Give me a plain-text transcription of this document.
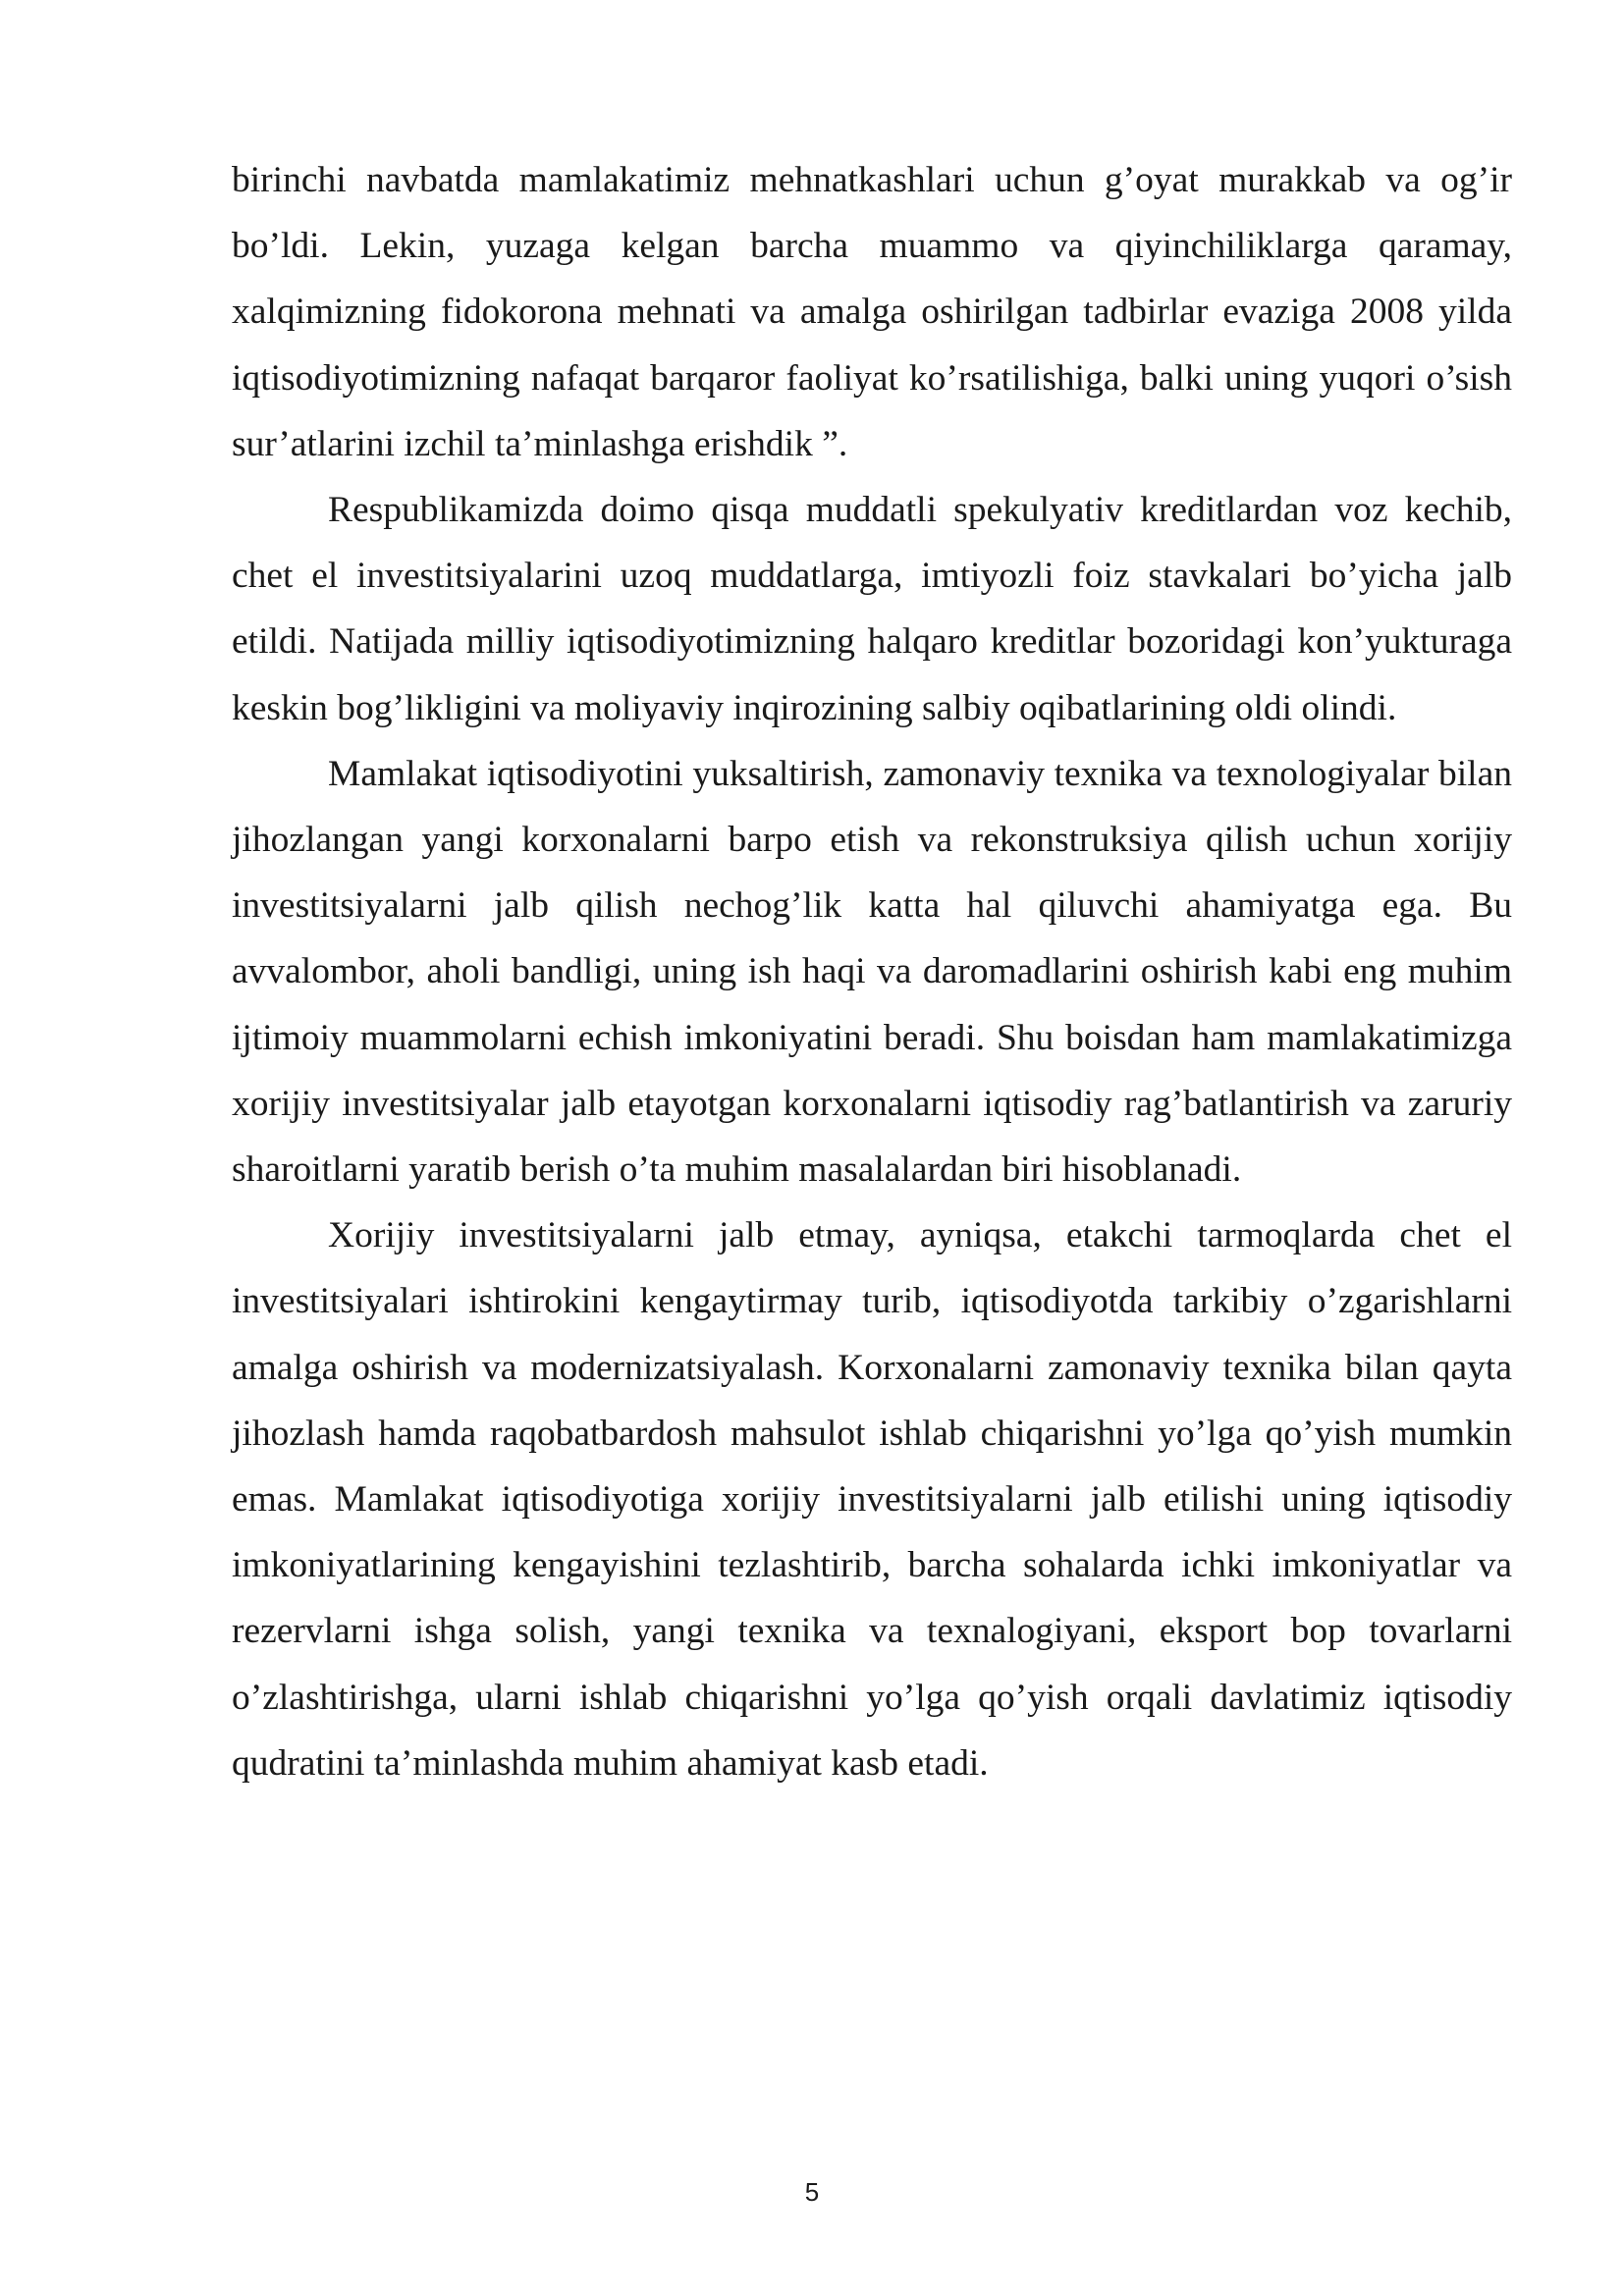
birinchi navbatda mamlakatimiz mehnatkashlari uchun g’oyat murakkab va og’ir bo’ldi. Lekin, yuzaga kelgan barcha muammo va qiyinchiliklarga qaramay, xalqimizning fidokorona mehnati va amalga oshirilgan tadbirlar evaziga 2008 yilda iqtisodiyotimizning nafaqat barqaror faoliyat ko’rsatilishiga, balki uning yuqori o’sish sur’atlarini izchil ta’minlashga erishdik ”.

Respublikamizda doimo qisqa muddatli spekulyativ kreditlardan voz kechib, chet el investitsiyalarini uzoq muddatlarga, imtiyozli foiz stavkalari bo’yicha jalb etildi. Natijada milliy iqtisodiyotimizning halqaro kreditlar bozoridagi kon’yukturaga keskin bog’likligini va moliyaviy inqirozining salbiy oqibatlarining oldi olindi.

Mamlakat iqtisodiyotini yuksaltirish, zamonaviy texnika va texnologiyalar bilan jihozlangan yangi korxonalarni barpo etish va rekonstruksiya qilish uchun xorijiy investitsiyalarni jalb qilish nechog’lik katta hal qiluvchi ahamiyatga ega. Bu avvalombor, aholi bandligi, uning ish haqi va daromadlarini oshirish kabi eng muhim ijtimoiy muammolarni echish imkoniyatini beradi. Shu boisdan ham mamlakatimizga xorijiy investitsiyalar jalb etayotgan korxonalarni iqtisodiy rag’batlantirish va zaruriy sharoitlarni yaratib berish o’ta muhim masalalardan biri hisoblanadi.

Xorijiy investitsiyalarni jalb etmay, ayniqsa, etakchi tarmoqlarda chet el investitsiyalari ishtirokini kengaytirmay turib, iqtisodiyotda tarkibiy o’zgarishlarni amalga oshirish va modernizatsiyalash. Korxonalarni zamonaviy texnika bilan qayta jihozlash hamda raqobatbardosh mahsulot ishlab chiqarishni yo’lga qo’yish mumkin emas. Mamlakat iqtisodiyotiga xorijiy investitsiyalarni jalb etilishi uning iqtisodiy imkoniyatlarining kengayishini tezlashtirib, barcha sohalarda ichki imkoniyatlar va rezervlarni ishga solish, yangi texnika va texnalogiyani, eksport bop tovarlarni o’zlashtirishga, ularni ishlab chiqarishni yo’lga qo’yish orqali davlatimiz iqtisodiy qudratini ta’minlashda muhim ahamiyat kasb etadi.

5
